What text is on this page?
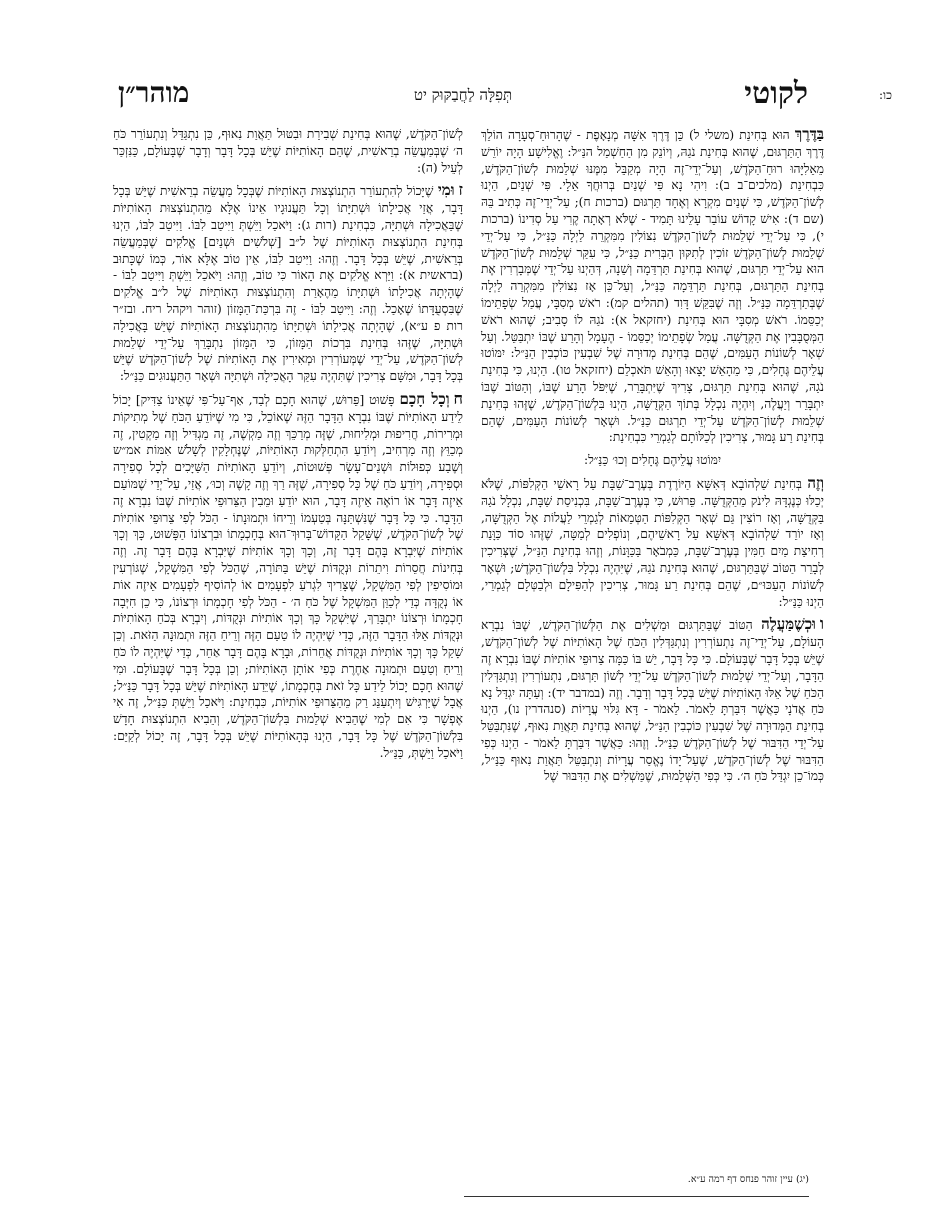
לקוטי
תְּפִלָּה לַחֲבַקּוּק יט
מוהר״ן	כו:

בַּדֶּרֶךְ הוּא בְּחִינַת (משלי ל) כֵּן דֶּרֶךְ אִשָּׁה מְנָאָפֶת - שֶׁהָרוּחַ־סְעָרָה הוֹלֵךְ דֶּרֶךְ הַתַּרְגּוּם, שֶׁהוּא בְּחִינַת נֹגַהּ, וְיוֹנֵק מִן הַחַשְׁמַל הנַּ״ל: וֶאֱלִישָׁע הָיָה יוֹרֵשׁ מֵאֵלִיָּהוּ רוּחַ־הַקֹּדֶשׁ, וְעַל־יְדֵי־זֶה הָיָה מְקַבֵּל מִמֶּנּוּ שְׁלֵמוּת לְשׁוֹן־הַקֹּדֶשׁ, כִּבְחִינַת (מלכים־ב ב): וִיהִי נָא פִּי שְׁנַיִם בְּרוּחֲךָ אֵלָי. פִּי שְׁנַיִם, הַיְנוּ לְשׁוֹן־הַקֹּדֶשׁ, כִּי שְׁנַיִם מִקְרָא וְאֶחָד תַּרְגּוּם (ברכות ח); עַל־יְדֵי־זֶה כְּתִיב בֵּהּ (שם ד): אִישׁ קָדוֹשׁ עוֹבֵר עָלֵינוּ תָּמִיד - שֶׁלֹּא רְאָתָה קֶרִי עַל סְדִינוֹ (ברכות י), כִּי עַל־יְדֵי שְׁלֵמוּת לְשׁוֹן־הַקֹּדֶשׁ נִצּוֹלִין מִמִּקְרֵה לַיְלָה כַּנַּ״ל, כִּי עַל־יְדֵי שְׁלֵמוּת לְשׁוֹן־הַקֹּדֶשׁ זוֹכִין לְתִקּוּן הַבְּרִית כַּנַּ״ל, כִּי עִקַּר שְׁלֵמוּת לְשׁוֹן־הַקֹּדֶשׁ הוּא עַל־יְדֵי תַּרְגּוּם, שֶׁהוּא בְּחִינַת תַּרְדֵּמָה וְשֵׁנָה, דְּהַיְנוּ עַל־יְדֵי שֶׁמְּבָרְרִין אֶת בְּחִינַת הַתַּרְגּוּם, בְּחִינַת תַּרְדֵּמָה כַּנַּ״ל, וְעַל־כֵּן אָז נִצּוֹלִין מִמִּקְרֵה לַיְלָה שֶׁבְּתַרְדֵּמָה כַּנַּ״ל. וְזֶה שֶׁבִּקֵּשׁ דָּוִד (תהלים קמ): רֹאשׁ מְסִבָּי, עֲמַל שְׂפָתֵימוֹ יְכַסֵּמוֹ. רֹאשׁ מְסִבָּי הוּא בְּחִינַת (יחזקאל א): נֹגַהּ לוֹ סָבִיב; שֶׁהוּא רֹאשׁ הַמְּסֻבָּבִין אֶת הַקְּדֻשָּׁה. עֲמַל שְׂפָתֵימוֹ יְכַסֵּמוֹ - הֶעָמָל וְהָרַע שֶׁבּוֹ יִתְבַּטֵּל. וְעַל שְׁאָר לְשׁוֹנוֹת הָעַמִּים, שֶׁהֵם בְּחִינַת מְדוּרָה שֶׁל שִׁבְעִין כּוֹכְבִין הַנַּ״ל: יִמּוֹטוּ עֲלֵיהֶם גֶּחָלִים, כִּי מֵהָאֵשׁ יָצָאוּ וְהָאֵשׁ תֹּאכְלֵם (יחזקאל טו). הַיְנוּ, כִּי בְּחִינַת נֹגַהּ, שֶׁהוּא בְּחִינַת תַּרְגּוּם, צָרִיךְ שֶׁיִּתְבָּרֵר, שֶׁיִּפֹּל הָרַע שֶׁבּוֹ, וְהַטּוֹב שֶׁבּוֹ יִתְבָּרֵר וְיַעֲלֶה, וְיִהְיֶה נִכְלָל בְּתוֹךְ הַקְּדֻשָּׁה, הַיְנוּ בִּלְשׁוֹן־הַקֹּדֶשׁ, שֶׁזֶּהוּ בְּחִינַת שְׁלֵמוּת לְשׁוֹן־הַקֹּדֶשׁ עַל־יְדֵי תַרְגּוּם כַּנַּ״ל. וּשְׁאָר לְשׁוֹנוֹת הָעַמִּים, שֶׁהֵם בְּחִינַת רַע גָּמוּר, צְרִיכִין לְכַלּוֹתָם לְגַמְרֵי כִּבְחִינַת:

יִמּוֹטוּ עֲלֵיהֶם גֶּחָלִים וְכוּ׳ כַּנַּ״ל:

וְזֶה בְּחִינַת שַׁלְהוֹבָא דְּאִשָּׁא הַיּוֹרֶדֶת בְּעֶרֶב־שַׁבָּת עַל רָאשֵׁי הַקְּלִפּוֹת, שֶׁלֹּא יְכַלּוּ כְּנֶגְדָּהּ לִינֹק מֵהַקְּדֻשָּׁה. פֵּרוּשׁ, כִּי בְּעֶרֶב־שַׁבָּת, בִּכְנִיסַת שַׁבָּת, נִכְלָל נֹגַהּ בַּקְּדֻשָּׁה, וְאָז רוֹצִין גַּם שְׁאָר הַקְּלִפּוֹת הַטְּמֵאוֹת לְגַמְרֵי לַעֲלוֹת אֶל הַקְּדֻשָּׁה, וְאָז יוֹרֵד שַׁלְהוֹבָא דְּאִשָּׁא עַל רָאשֵׁיהֶם, וְנוֹפְלִים לְמַטָּה, שֶׁזֶּהוּ סוֹד כַּוָּנַת רְחִיצַת מַיִם חַמִּין בְּעֶרֶב־שַׁבָּת, כַּמְבֹאָר בַּכַּוָּנוֹת, וְזֶהוּ בְּחִינַת הַנַּ״ל, שֶׁצְּרִיכִין לְבָרֵר הַטּוֹב שֶׁבַּתַּרְגּוּם, שֶׁהוּא בְּחִינַת נֹגַהּ, שֶׁיִּהְיֶה נִכְלָל בִּלְשׁוֹן־הַקֹּדֶשׁ; וּשְׁאָר לְשׁוֹנוֹת הָעַכּוּ״ם, שֶׁהֵם בְּחִינַת רַע גָּמוּר, צְרִיכִין לְהַפִּילָם וּלְבַטְּלָם לְגַמְרֵי, הַיְנוּ כַּנַּ״ל:

ווּכְשֶׁמַּעֲלֶה הַטּוֹב שֶׁבַּתַּרְגּוּם וּמַשְׁלִים אֶת הַלְּשׁוֹן־הַקֹּדֶשׁ, שֶׁבּוֹ נִבְרָא הָעוֹלָם, עַל־יְדֵי־זֶה נִתְעוֹרְרִין וְנִתְגַּדְּלִין הַכֹּחַ שֶׁל הָאוֹתִיּוֹת שֶׁל לְשׁוֹן־הַקֹּדֶשׁ, שֶׁיֵּשׁ בְּכָל דָּבָר שֶׁבָּעוֹלָם. כִּי כָּל דָּבָר, יֵשׁ בּוֹ כַּמָּה צֵרוּפֵי אוֹתִיּוֹת שֶׁבּוֹ נִבְרָא זֶה הַדָּבָר, וְעַל־יְדֵי שְׁלֵמוּת לְשׁוֹן־הַקֹּדֶשׁ עַל־יְדֵי לְשׁוֹן תַּרְגּוּם, נִתְעוֹרְרִין וְנִתְגַּדְּלִין הַכֹּחַ שֶׁל אֵלּוּ הָאוֹתִיּוֹת שֶׁיֵּשׁ בְּכָל דָּבָר וְדָבָר. וְזֶה (במדבר יד): וְעַתָּה יִגְדַּל נָא כֹּחַ אֲדֹנָי כַּאֲשֶׁר דִּבַּרְתָּ לֵאמֹר. לֵאמֹר - דָּא גִּלּוּי עֲרָיוֹת (סנהדרין נו), הַיְנוּ בְּחִינַת הַמְּדוּרָה שֶׁל שִׁבְעִין כּוֹכְבִין הַנַּ״ל, שֶׁהוּא בְּחִינַת תַּאֲוַת נִאוּף, שֶׁנִּתְבַּטֵּל עַל־יְדֵי הַדִּבּוּר שֶׁל לְשׁוֹן־הַקֹּדֶשׁ כַּנַּ״ל. וְזֶהוּ: כַּאֲשֶׁר דִּבַּרְתָּ לֵאמֹר - הַיְנוּ כְּפִי הַדִּבּוּר שֶׁל לְשׁוֹן־הַקֹּדֶשׁ, שֶׁעַל־יָדוֹ נֶאֱסַר עֲרָיוֹת וְנִתְבַּטֵּל תַּאֲוַת נִאוּף כַּנַּ״ל, כְּמוֹ־כֵן יִגְדַּל כֹּחַ ה׳. כִּי כְּפִי הַשְּׁלֵמוּת, שֶׁמַּשְׁלִים אֶת הַדִּבּוּר שֶׁל

לְשׁוֹן־הַקֹּדֶשׁ, שֶׁהוּא בְּחִינַת שְׁבִירַת וּבִטּוּל תַּאֲוַת נִאוּף, כֵּן נִתְגַּדֵּל וְנִתְעוֹרֵר כֹּחַ ה׳ שֶׁבְּמַעֲשֵׂה בְרֵאשִׁית, שֶׁהֵם הָאוֹתִיּוֹת שֶׁיֵּשׁ בְּכָל דָּבָר וְדָבָר שֶׁבָּעוֹלָם, כַּנִּזְכַּר לְעֵיל (ה):

זוּמִי שֶׁיָּכוֹל לְהִתְעוֹרֵר הִתְנוֹצְצוּת הָאוֹתִיּוֹת שֶׁבְּכָל מַעֲשֵׂה בְרֵאשִׁית שֶׁיֵּשׁ בְּכָל דָּבָר, אֲזַי אֲכִילָתוֹ וּשְׁתִיָּתוֹ וְכָל תַּעֲנוּגָיו אֵינוֹ אֶלָּא מֵהִתְנוֹצְצוּת הָאוֹתִיּוֹת שֶׁבַּאֲכִילָה וּשְׁתִיָּה, כִּבְחִינַת (רות ג): וַיֹּאכַל וַיֵּשְׁתְּ וַיִּיטַב לִבּוֹ. וַיִּיטַב לִבּוֹ, הַיְנוּ בְּחִינַת הִתְנוֹצְצוּת הָאוֹתִיּוֹת שֶׁל ל״ב [שְׁלֹשִׁים וּשְׁנַיִם] אֱלֹקִים שֶׁבְּמַעֲשֵׂה בְּרֵאשִׁית, שֶׁיֵּשׁ בְּכָל דָּבָר. וְזֶהוּ: וַיִּיטַב לִבּוֹ, אֵין טוֹב אֶלָּא אוֹר, כְּמוֹ שֶׁכָּתוּב (בראשית א): וַיַּרְא אֱלֹקִים אֶת הָאוֹר כִּי טוֹב, וְזֶהוּ: וַיֹּאכַל וַיֵּשְׁתְּ וַיִּיטַב לִבּוֹ - שֶׁהָיְתָה אֲכִילָתוֹ וּשְׁתִיָּתוֹ מֵהֶאָרַת וְהִתְנוֹצְצוּת הָאוֹתִיּוֹת שֶׁל ל״ב אֱלֹקִים שֶׁבִּסְעֻדָּתוֹ שֶׁאָכַל. וְזֶה: וַיִּיטַב לִבּוֹ - זֶה בִּרְכַּת־הַמָּזוֹן (זוהר ויקהל ריח. ובז״ר רות פ ע״א), שֶׁהָיְתָה אֲכִילָתוֹ וּשְׁתִיָּתוֹ מֵהִתְנוֹצְצוּת הָאוֹתִיּוֹת שֶׁיֵּשׁ בָּאֲכִילָה וּשְׁתִיָּה, שֶׁזֶּהוּ בְּחִינַת בִּרְכוֹת הַמָּזוֹן, כִּי הַמָּזוֹן נִתְבָּרֵךְ עַל־יְדֵי שְׁלֵמוּת לְשׁוֹן־הַקֹּדֶשׁ, עַל־יְדֵי שֶׁמְּעוֹרְרִין וּמְאִירִין אֶת הָאוֹתִיּוֹת שֶׁל לְשׁוֹן־הַקֹּדֶשׁ שֶׁיֵּשׁ בְּכָל דָּבָר, וּמִשָּׁם צְרִיכִין שֶׁתִּהְיֶה עִקַּר הָאֲכִילָה וּשְׁתִיָּה וּשְׁאָר הַתַּעֲנוּגִים כַּנַּ״ל:

חוְכָל חָכָם פָּשׁוּט [פֵּרוּשׁ, שֶׁהוּא חָכָם לְבַד, אַף־עַל־פִּי שֶׁאֵינוֹ צַדִּיק] יָכוֹל לֵידַע הָאוֹתִיּוֹת שֶׁבּוֹ נִבְרָא הַדָּבָר הַזֶּה שֶׁאוֹכֵל, כִּי מִי שֶׁיּוֹדֵעַ הַכֹּחַ שֶׁל מְתִיקוֹת וּמְרִירוֹת, חֲרִיפוּת וּמְלִיחוּת, שֶׁזֶּה מְרַכֵּךְ וְזֶה מַקְשֶׁה, זֶה מַגְדִּיל וְזֶה מַקְטִין, זֶה מְכַוֵּץ וְזֶה מַרְחִיב, וְיוֹדֵעַ הִתְחַלְּקוּת הָאוֹתִיּוֹת, שֶׁנֶּחְלָקִין לְשָׁלֹשׁ אִמּוֹת אמ״ש וְשֶׁבַע כְּפוּלוֹת וּשְׁנֵים־עָשָׂר פְּשׁוּטוֹת, וְיוֹדֵעַ הָאוֹתִיּוֹת הַשַּׁיָּכִים לְכָל סְפִירָה וּסְפִירָה, וְיוֹדֵעַ כֹּחַ שֶׁל כָּל סְפִירָה, שֶׁזֶּה רַךְ וְזֶה קָשֶׁה וְכוּ׳, אֲזַי, עַל־יְדֵי שֶׁמּוֹעֵם אֵיזֶה דָּבָר אוֹ רוֹאֶה אֵיזֶה דָּבָר, הוּא יוֹדֵעַ וּמֵבִין הַצֵּרוּפֵי אוֹתִיּוֹת שֶׁבּוֹ נִבְרָא זֶה הַדָּבָר. כִּי כָּל דָּבָר שֶׁנִּשְׁתַּנָּה בְּטַעְמוֹ וְרֵיחוֹ וּתְמוּנָתוֹ - הַכֹּל לְפִי צֵרוּפֵי אוֹתִיּוֹת שֶׁל לְשׁוֹן־הַקֹּדֶשׁ, שֶׁשָּׁקַל הַקָּדוֹשׁ־בָּרוּךְ־הוּא בְּחָכְמָתוֹ וּבִרְצוֹנוֹ הַפָּשׁוּט, כָּךְ וְכָךְ אוֹתִיּוֹת שֶׁיִּבְרָא בָּהֶם דָּבָר זֶה, וְכָךְ וְכָךְ אוֹתִיּוֹת שֶׁיִּבְרָא בָּהֶם דָּבָר זֶה. וְזֶה בְּחִינוֹת חֲסֵרוֹת וִיתֵרוֹת וּנְקֻדּוֹת שֶׁיֵּשׁ בַּתּוֹרָה, שֶׁהַכֹּל לְפִי הַמִּשְׁקָל, שֶׁגּוֹרְעִין וּמוֹסִיפִין לְפִי הַמִּשְׁקָל, שֶׁצָּרִיךְ לִגְרֹעַ לִפְעָמִים אוֹ לְהוֹסִיף לִפְעָמִים אֵיזֶה אוֹת אוֹ נְקֻדָּה כְּדֵי לְכַוֵּן הַמִּשְׁקָל שֶׁל כֹּחַ ה׳ - הַכֹּל לְפִי חָכְמָתוֹ וּרְצוֹנוֹ, כִּי כֵן חִיְּבָה חָכְמָתוֹ וּרְצוֹנוֹ יִתְבָּרַךְ, שֶׁיִּשְׁקַל כָּךְ וְכָךְ אוֹתִיּוֹת וּנְקֻדּוֹת, וְיִבְרָא בְּכֹחַ הָאוֹתִיּוֹת וּנְקֻדּוֹת אֵלּוּ הַדָּבָר הַזֶּה, כְּדֵי שֶׁיִּהְיֶה לוֹ טַעַם הַזֶּה וְרֵיחַ הַזֶּה וּתְמוּנָה הַזֹּאת. וְכֵן שָׁקַל כָּךְ וְכָךְ אוֹתִיּוֹת וּנְקֻדּוֹת אֲחֵרוֹת, וּבָרָא בָּהֶם דָּבָר אַחֵר, כְּדֵי שֶׁיִּהְיֶה לוֹ כֹּחַ וְרֵיחַ וְטַעַם וּתְמוּנָה אַחֶרֶת כְּפִי אוֹתָן הָאוֹתִיּוֹת; וְכֵן בְּכָל דָּבָר שֶׁבָּעוֹלָם. וּמִי שֶׁהוּא חָכָם יָכוֹל לֵידַע כָּל זֹאת בְּחָכְמָתוֹ, שֶׁיֵּדַע הָאוֹתִיּוֹת שֶׁיֵּשׁ בְּכָל דָּבָר כַּנַּ״ל; אֲבָל שֶׁיַּרְגִּישׁ וְיִתְעַנֵּג רַק מֵהַצֵּרוּפֵי אוֹתִיּוֹת, כִּבְחִינַת: וַיֹּאכַל וַיֵּשְׁתְּ כַּנַּ״ל, זֶה אִי אֶפְשָׁר כִּי אִם לְמִי שֶׁהֵבִיא שְׁלֵמוּת בִּלְשׁוֹן־הַקֹּדֶשׁ, וְהֵבִיא הִתְנוֹצְצוּת חָדָשׁ בִּלְשׁוֹן־הַקֹּדֶשׁ שֶׁל כָּל דָּבָר, הַיְנוּ בְּהָאוֹתִיּוֹת שֶׁיֵּשׁ בְּכָל דָּבָר, זֶה יָכוֹל לְקַיֵּם: וַיֹּאכַל וַיֵּשְׁתְּ, כַּנַּ״ל.

(יג) עיין זוהר פנחס דף רמה ע״א.
